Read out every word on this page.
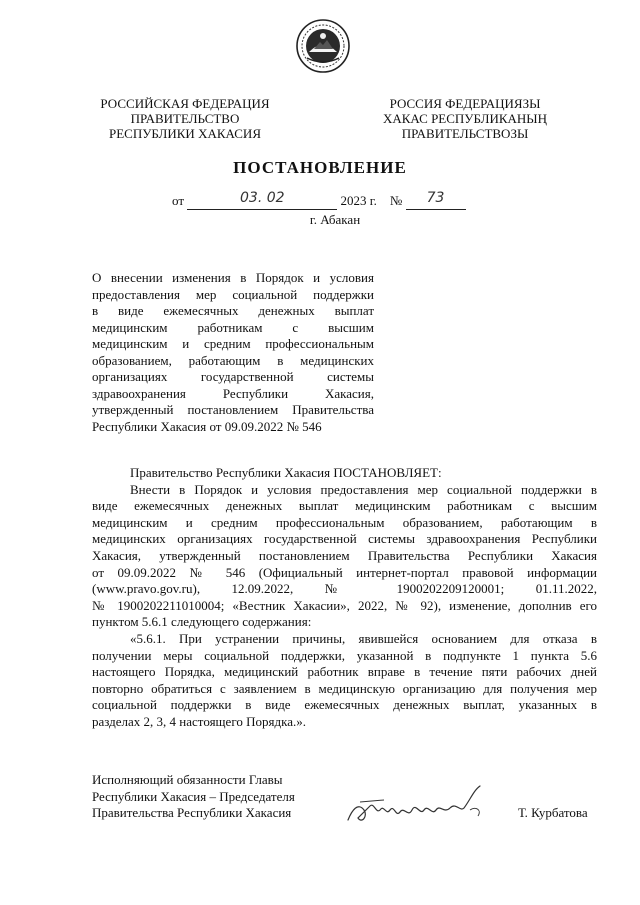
РОССИЙСКАЯ ФЕДЕРАЦИЯ
ПРАВИТЕЛЬСТВО
РЕСПУБЛИКИ ХАКАСИЯ
РОССИЯ ФЕДЕРАЦИЯЗЫ
ХАКАС РЕСПУБЛИКАНЫҢ
ПРАВИТЕЛЬСТВОЗЫ
ПОСТАНОВЛЕНИЕ
от	03. 02	2023 г. № 73
г. Абакан
О внесении изменения в Порядок и условия
предоставления мер социальной поддержки
в виде ежемесячных денежных выплат
медицинским работникам с высшим
медицинским и средним профессиональным
образованием, работающим в медицинских
организациях государственной системы
здравоохранения Республики Хакасия,
утвержденный постановлением Правительства
Республики Хакасия от 09.09.2022 № 546
Правительство Республики Хакасия ПОСТАНОВЛЯЕТ:
Внести в Порядок и условия предоставления мер социальной поддержки в
виде ежемесячных денежных выплат медицинским работникам с высшим
медицинским и средним профессиональным образованием, работающим в
медицинских организациях государственной системы здравоохранения Республики
Хакасия, утвержденный постановлением Правительства Республики Хакасия
от 09.09.2022 № 546 (Официальный интернет-портал правовой информации
(www.pravo.gov.ru), 12.09.2022, № 1900202209120001; 01.11.2022,
№ 1900202211010004; «Вестник Хакасии», 2022, № 92), изменение, дополнив его
пунктом 5.6.1 следующего содержания:
«5.6.1. При устранении причины, явившейся основанием для отказа в
получении меры социальной поддержки, указанной в подпункте 1 пункта 5.6
настоящего Порядка, медицинский работник вправе в течение пяти рабочих дней
повторно обратиться с заявлением в медицинскую организацию для получения мер
социальной поддержки в виде ежемесячных денежных выплат, указанных в
разделах 2, 3, 4 настоящего Порядка.».
Исполняющий обязанности Главы
Республики Хакасия – Председателя
Правительства Республики Хакасия	Т. Курбатова
